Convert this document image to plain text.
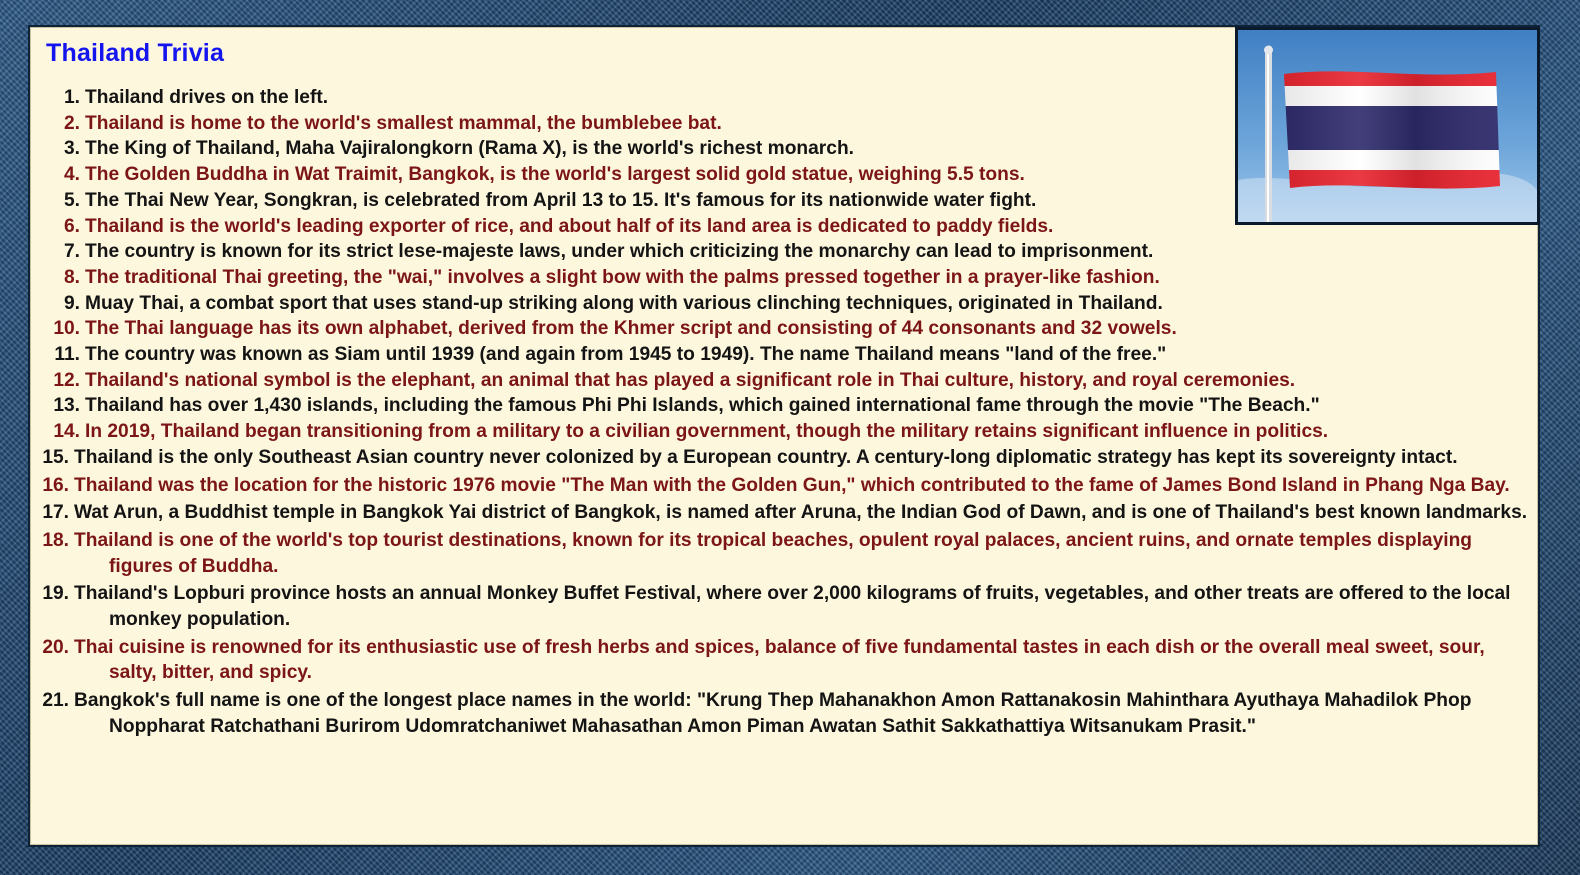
Thailand Trivia
1. Thailand drives on the left.
2. Thailand is home to the world's smallest mammal, the bumblebee bat.
3. The King of Thailand, Maha Vajiralongkorn (Rama X), is the world's richest monarch.
4. The Golden Buddha in Wat Traimit, Bangkok, is the world's largest solid gold statue, weighing 5.5 tons.
5. The Thai New Year, Songkran, is celebrated from April 13 to 15. It's famous for its nationwide water fight.
6. Thailand is the world's leading exporter of rice, and about half of its land area is dedicated to paddy fields.
7. The country is known for its strict lese-majeste laws, under which criticizing the monarchy can lead to imprisonment.
8. The traditional Thai greeting, the "wai," involves a slight bow with the palms pressed together in a prayer-like fashion.
9. Muay Thai, a combat sport that uses stand-up striking along with various clinching techniques, originated in Thailand.
10. The Thai language has its own alphabet, derived from the Khmer script and consisting of 44 consonants and 32 vowels.
11. The country was known as Siam until 1939 (and again from 1945 to 1949). The name Thailand means "land of the free."
12. Thailand's national symbol is the elephant, an animal that has played a significant role in Thai culture, history, and royal ceremonies.
13. Thailand has over 1,430 islands, including the famous Phi Phi Islands, which gained international fame through the movie "The Beach."
14. In 2019, Thailand began transitioning from a military to a civilian government, though the military retains significant influence in politics.
15. Thailand is the only Southeast Asian country never colonized by a European country. A century-long diplomatic strategy has kept its sovereignty intact.
16. Thailand was the location for the historic 1976 movie "The Man with the Golden Gun," which contributed to the fame of James Bond Island in Phang Nga Bay.
17. Wat Arun, a Buddhist temple in Bangkok Yai district of Bangkok, is named after Aruna, the Indian God of Dawn, and is one of Thailand's best known landmarks.
18. Thailand is one of the world's top tourist destinations, known for its tropical beaches, opulent royal palaces, ancient ruins, and ornate temples displaying figures of Buddha.
19. Thailand's Lopburi province hosts an annual Monkey Buffet Festival, where over 2,000 kilograms of fruits, vegetables, and other treats are offered to the local monkey population.
20. Thai cuisine is renowned for its enthusiastic use of fresh herbs and spices, balance of five fundamental tastes in each dish or the overall meal sweet, sour, salty, bitter, and spicy.
21. Bangkok's full name is one of the longest place names in the world: "Krung Thep Mahanakhon Amon Rattanakosin Mahinthara Ayuthaya Mahadilok Phop Noppharat Ratchathani Burirom Udomratchaniwet Mahasathan Amon Piman Awatan Sathit Sakkathattiya Witsanukam Prasit."
